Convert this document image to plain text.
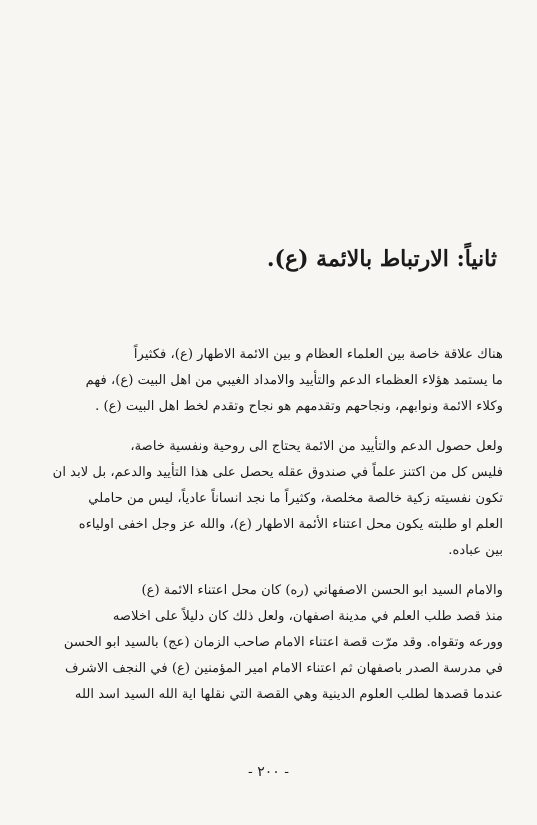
ثانياً: الارتباط بالائمة (ع).
هناك علاقة خاصة بين العلماء العظام و بين الائمة الاطهار (ع)، فكثيراً
ما يستمد هؤلاء العظماء الدعم والتأييد والامداد الغيبي من اهل البيت (ع)، فهم
وكلاء الائمة ونوابهم، ونجاحهم وتقدمهم هو نجاح وتقدم لخط اهل البيت (ع) .
ولعل حصول الدعم والتأييد من الائمة يحتاج الى روحية ونفسية خاصة،
فليس كل من اكتنز علماً في صندوق عقله يحصل على هذا التأييد والدعم، بل لابد ان
تكون نفسيته زكية خالصة مخلصة، وكثيراً ما نجد انساناً عادياً، ليس من حاملي
العلم او طلبته يكون محل اعتناء الأئمة الاطهار (ع)، والله عز وجل اخفى اولياءه
بين عباده.
والامام السيد ابو الحسن الاصفهاني (ره) كان محل اعتناء الائمة (ع)
منذ قصد طلب العلم في مدينة اصفهان، ولعل ذلك كان دليلاً على اخلاصه
وورعه وتقواه. وقد مرّت قصة اعتناء الامام صاحب الزمان (عج) بالسيد ابو الحسن
في مدرسة الصدر باصفهان ثم اعتناء الامام امير المؤمنين (ع) في النجف الاشرف
عندما قصدها لطلب العلوم الدينية وهي القصة التي نقلها اية الله السيد اسد الله
- ٢٠٠ -
